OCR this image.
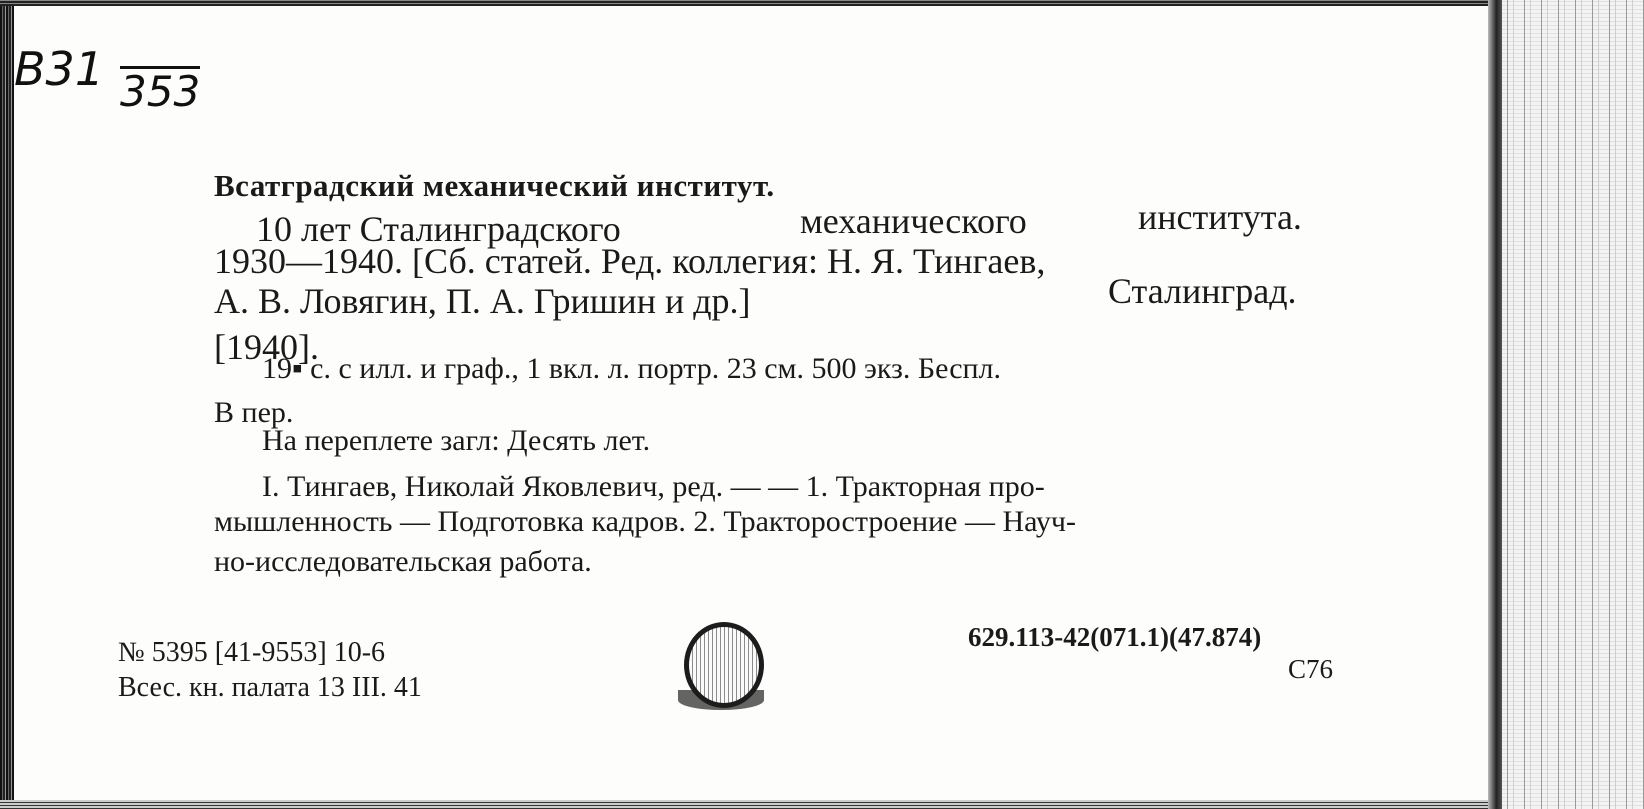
B31 353
Всатградский механический институт.
10 лет Сталинградского	механического	института.
1930—1940. [Сб. статей. Ред. коллегия: Н. Я. Тингаев,
А. В. Ловягин, П. А. Гришин и др.]	Сталинград.
[1940].
19▪ с. с илл. и граф., 1 вкл. л. портр. 23 см. 500 экз. Беспл.
В пер.
На переплете загл: Десять лет.
I. Тингаев, Николай Яковлевич, ред. — — 1. Тракторная про-
мышленность — Подготовка кадров. 2. Тракторостроение — Науч-
но-исследовательская работа.
№ 5395 [41-9553] 10-6
Всес. кн. палата 13 III. 41
629.113-42(071.1)(47.874)
С76
